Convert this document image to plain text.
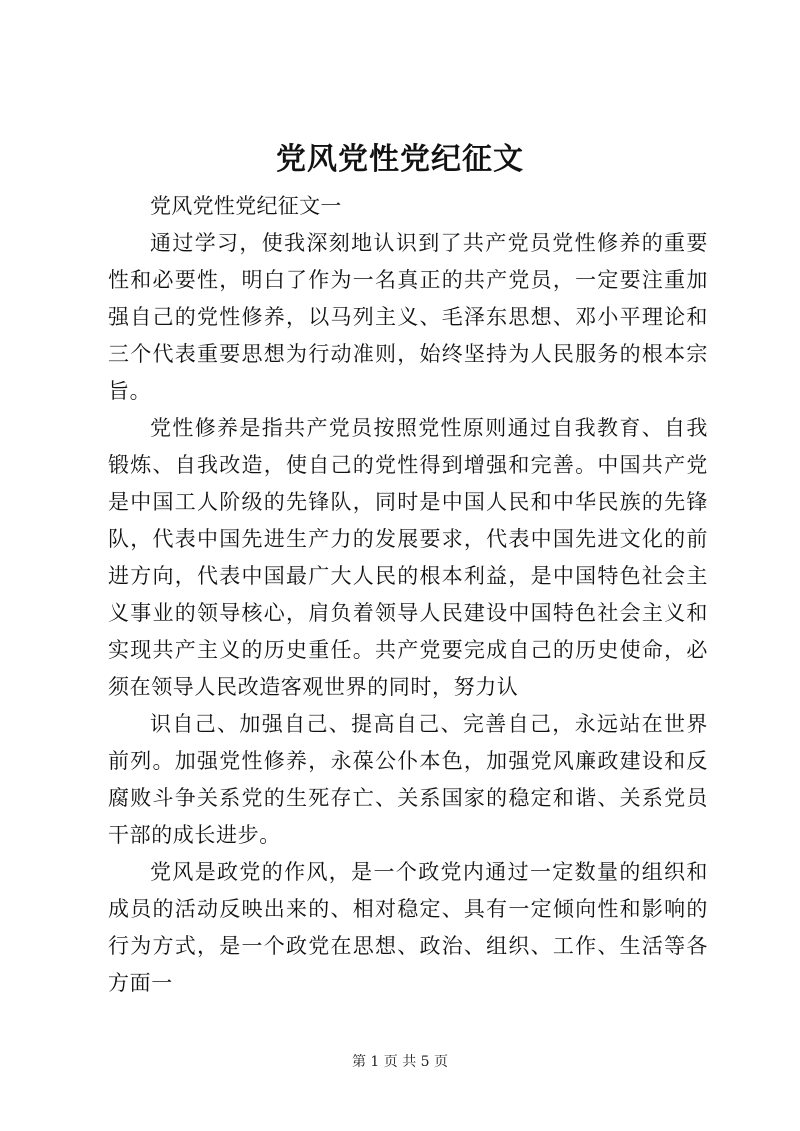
党风党性党纪征文

党风党性党纪征文一

通过学习，使我深刻地认识到了共产党员党性修养的重要性和必要性，明白了作为一名真正的共产党员，一定要注重加强自己的党性修养，以马列主义、毛泽东思想、邓小平理论和三个代表重要思想为行动准则，始终坚持为人民服务的根本宗旨。

党性修养是指共产党员按照党性原则通过自我教育、自我锻炼、自我改造，使自己的党性得到增强和完善。中国共产党是中国工人阶级的先锋队，同时是中国人民和中华民族的先锋队，代表中国先进生产力的发展要求，代表中国先进文化的前进方向，代表中国最广大人民的根本利益，是中国特色社会主义事业的领导核心，肩负着领导人民建设中国特色社会主义和实现共产主义的历史重任。共产党要完成自己的历史使命，必须在领导人民改造客观世界的同时，努力认

识自己、加强自己、提高自己、完善自己，永远站在世界前列。加强党性修养，永葆公仆本色，加强党风廉政建设和反腐败斗争关系党的生死存亡、关系国家的稳定和谐、关系党员干部的成长进步。

党风是政党的作风，是一个政党内通过一定数量的组织和成员的活动反映出来的、相对稳定、具有一定倾向性和影响的行为方式，是一个政党在思想、政治、组织、工作、生活等各方面一

第 1 页 共 5 页
